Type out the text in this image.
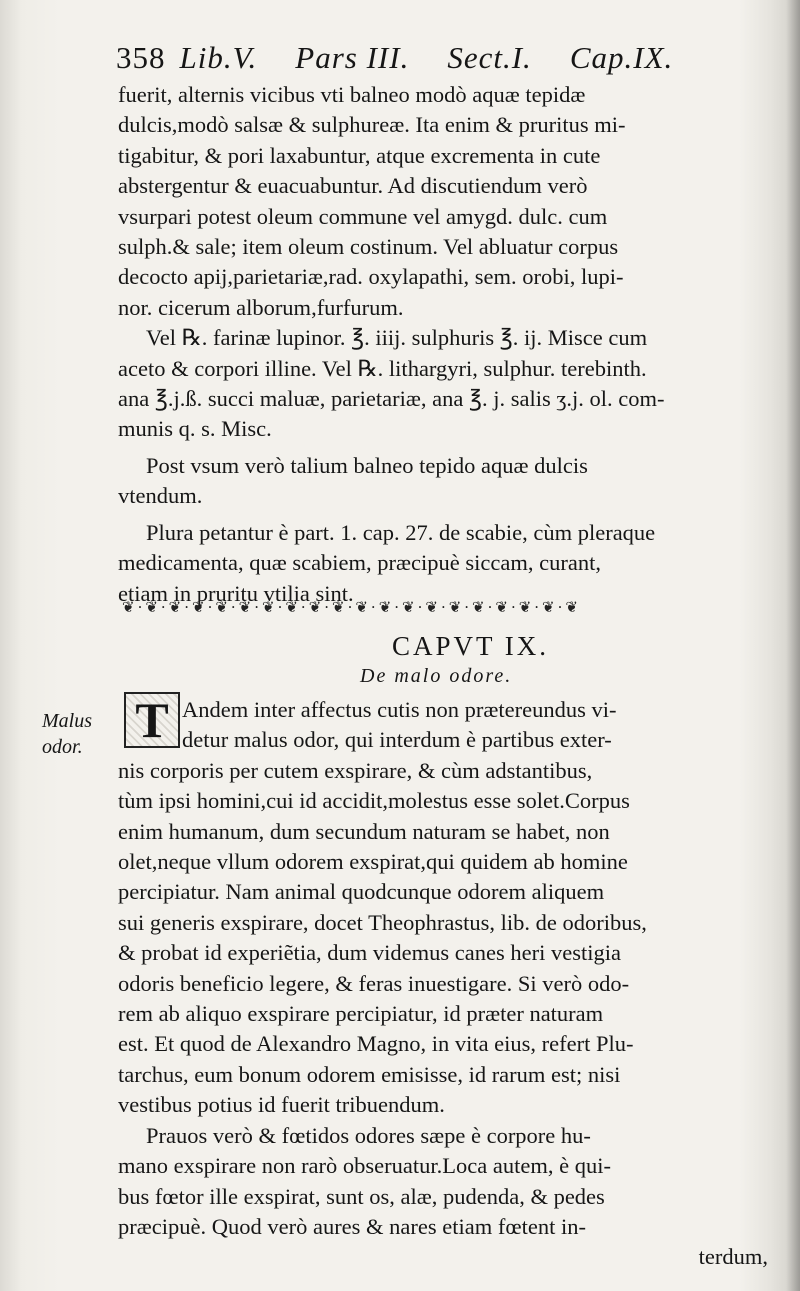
358 Lib.V. Pars III. Sect.I. Cap.IX.

fuerit, alternis vicibus vti balneo modò aquæ tepidæ
dulcis,modò salsæ & sulphureæ. Ita enim & pruritus mi-
tigabitur, & pori laxabuntur, atque excrementa in cute
abstergentur & euacuabuntur. Ad discutiendum verò
vsurpari potest oleum commune vel amygd. dulc. cum
sulph.& sale; item oleum costinum. Vel abluatur corpus
decocto apij,parietariæ,rad. oxylapathi, sem. orobi, lupi-
nor. cicerum alborum,furfurum.

Vel ℞. farinæ lupinor. ℥. iiij. sulphuris ℥. ij. Misce cum
aceto & corpori illine. Vel ℞. lithargyri, sulphur. terebinth.
ana ℥.j.ß. succi maluæ, parietariæ, ana ℥. j. salis ʒ.j. ol. com-
munis q. s. Misc.

Post vsum verò talium balneo tepido aquæ dulcis
vtendum.

Plura petantur è part. 1. cap. 27. de scabie, cùm pleraque
medicamenta, quæ scabiem, præcipuè siccam, curant,
etiam in pruritu vtilia sint.

❦·❦·❦·❦·❦·❦·❦·❦·❦·❦·❦·❦·❦·❦·❦·❦·❦·❦·❦·❦
CAPVT IX.
De malo odore.
Malus
odor.	T Andem inter affectus cutis non prætereundus vi-
detur malus odor, qui interdum è partibus exter-
nis corporis per cutem exspirare, & cùm adstantibus,
tùm ipsi homini,cui id accidit,molestus esse solet.Corpus
enim humanum, dum secundum naturam se habet, non
olet,neque vllum odorem exspirat,qui quidem ab homine
percipiatur. Nam animal quodcunque odorem aliquem
sui generis exspirare, docet Theophrastus, lib. de odoribus,
& probat id experiẽtia, dum videmus canes heri vestigia
odoris beneficio legere, & feras inuestigare. Si verò odo-
rem ab aliquo exspirare percipiatur, id præter naturam
est. Et quod de Alexandro Magno, in vita eius, refert Plu-
tarchus, eum bonum odorem emisisse, id rarum est; nisi
vestibus potius id fuerit tribuendum.
Prauos verò & fœtidos odores sæpe è corpore hu-
mano exspirare non rarò obseruatur.Loca autem, è qui-
bus fœtor ille exspirat, sunt os, alæ, pudenda, & pedes
præcipuè. Quod verò aures & nares etiam fœtent in-
terdum,
